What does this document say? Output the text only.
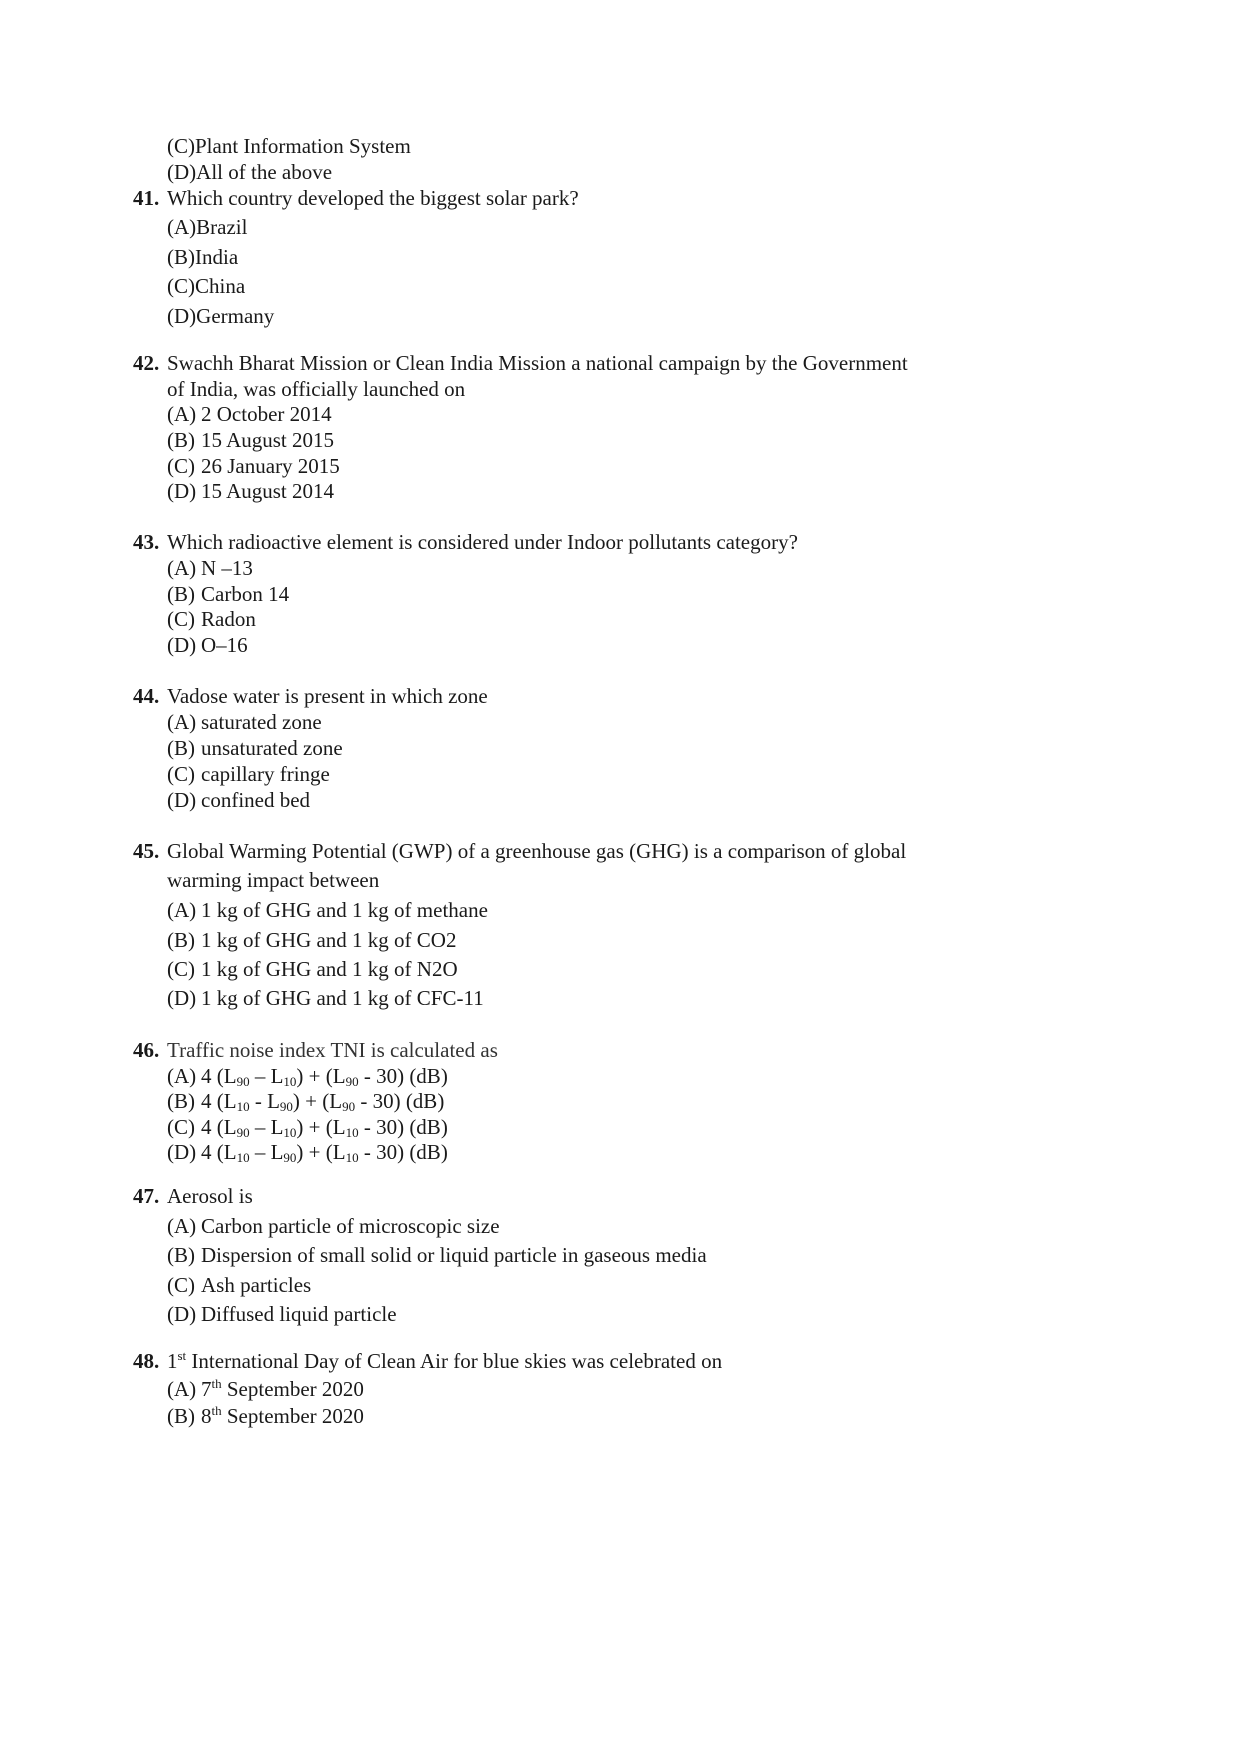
(C)Plant Information System
(D)All of the above
41. Which country developed the biggest solar park?
(A)Brazil
(B)India
(C)China
(D)Germany
42. Swachh Bharat Mission or Clean India Mission a national campaign by the Government
of India, was officially launched on
(A) 2 October 2014
(B) 15 August 2015
(C) 26 January 2015
(D) 15 August 2014
43. Which radioactive element is considered under Indoor pollutants category?
(A) N –13
(B) Carbon 14
(C) Radon
(D) O–16
44. Vadose water is present in which zone
(A) saturated zone
(B) unsaturated zone
(C) capillary fringe
(D) confined bed
45. Global Warming Potential (GWP) of a greenhouse gas (GHG) is a comparison of global
warming impact between
(A) 1 kg of GHG and 1 kg of methane
(B) 1 kg of GHG and 1 kg of CO2
(C) 1 kg of GHG and 1 kg of N2O
(D) 1 kg of GHG and 1 kg of CFC-11
46. Traffic noise index TNI is calculated as
(A) 4 $(L_{90} - L_{10}) + (L_{90} - 30)$ (dB)
(B) 4 $(L_{10} - L_{90}) + (L_{90} - 30)$ (dB)
(C) 4 $(L_{90} - L_{10}) + (L_{10} - 30)$ (dB)
(D) 4 $(L_{10} - L_{90}) + (L_{10} - 30)$ (dB)
47. Aerosol is
(A) Carbon particle of microscopic size
(B) Dispersion of small solid or liquid particle in gaseous media
(C) Ash particles
(D) Diffused liquid particle
48. 1st International Day of Clean Air for blue skies was celebrated on
(A) 7th September 2020
(B) 8th September 2020
